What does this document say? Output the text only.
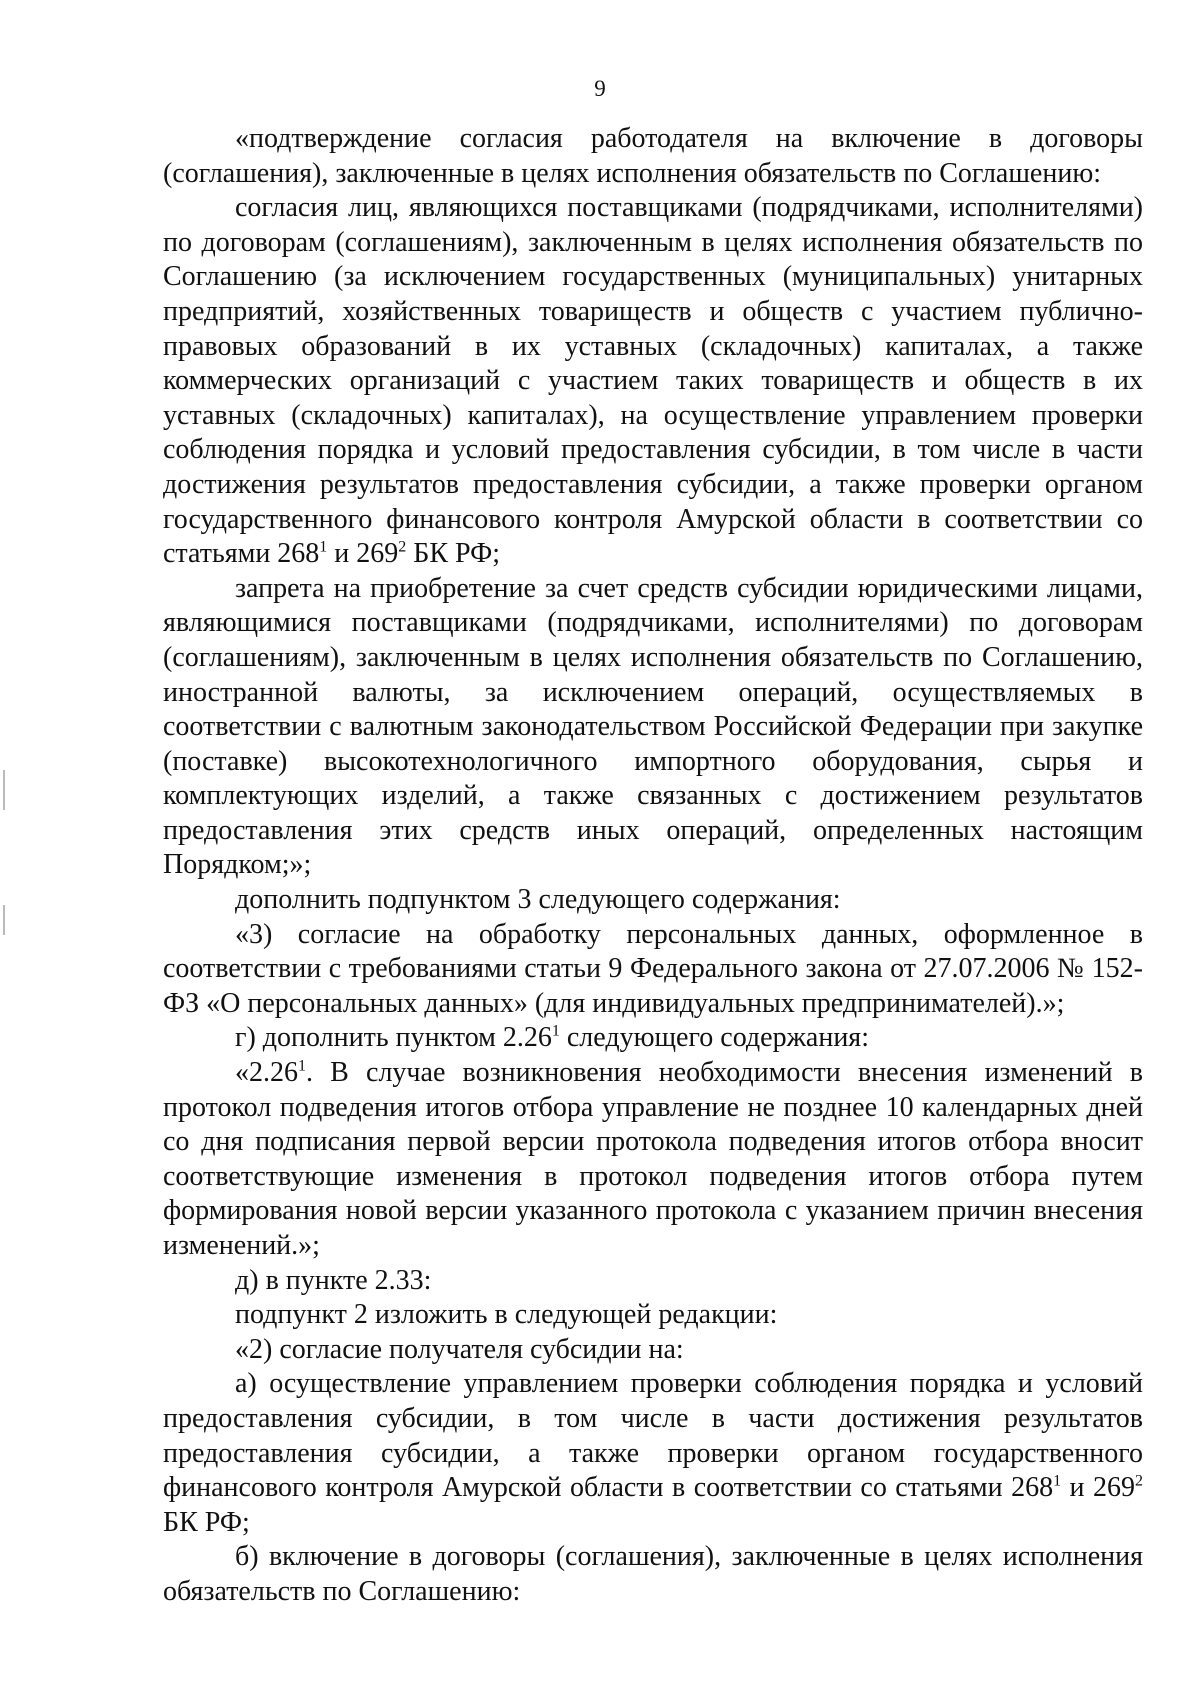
9

«подтверждение согласия работодателя на включение в договоры (соглашения), заключенные в целях исполнения обязательств по Соглашению:

согласия лиц, являющихся поставщиками (подрядчиками, исполнителями) по договорам (соглашениям), заключенным в целях исполнения обязательств по Соглашению (за исключением государственных (муниципальных) унитарных предприятий, хозяйственных товариществ и обществ с участием публично-правовых образований в их уставных (складочных) капиталах, а также коммерческих организаций с участием таких товариществ и обществ в их уставных (складочных) капиталах), на осуществление управлением проверки соблюдения порядка и условий предоставления субсидии, в том числе в части достижения результатов предоставления субсидии, а также проверки органом государственного финансового контроля Амурской области в соответствии со статьями $268^1$ и $269^2$ БК РФ;

запрета на приобретение за счет средств субсидии юридическими лицами, являющимися поставщиками (подрядчиками, исполнителями) по договорам (соглашениям), заключенным в целях исполнения обязательств по Соглашению, иностранной валюты, за исключением операций, осуществляемых в соответствии с валютным законодательством Российской Федерации при закупке (поставке) высокотехнологичного импортного оборудования, сырья и комплектующих изделий, а также связанных с достижением результатов предоставления этих средств иных операций, определенных настоящим Порядком;»;

дополнить подпунктом 3 следующего содержания:

«3) согласие на обработку персональных данных, оформленное в соответствии с требованиями статьи 9 Федерального закона от 27.07.2006 № 152-ФЗ «О персональных данных» (для индивидуальных предпринимателей).»;

г) дополнить пунктом 2.26$^1$ следующего содержания:

«2.26$^1$. В случае возникновения необходимости внесения изменений в протокол подведения итогов отбора управление не позднее 10 календарных дней со дня подписания первой версии протокола подведения итогов отбора вносит соответствующие изменения в протокол подведения итогов отбора путем формирования новой версии указанного протокола с указанием причин внесения изменений.»;

д) в пункте 2.33:

подпункт 2 изложить в следующей редакции:

«2) согласие получателя субсидии на:

а) осуществление управлением проверки соблюдения порядка и условий предоставления субсидии, в том числе в части достижения результатов предоставления субсидии, а также проверки органом государственного финансового контроля Амурской области в соответствии со статьями $268^1$ и $269^2$ БК РФ;

б) включение в договоры (соглашения), заключенные в целях исполнения обязательств по Соглашению:
